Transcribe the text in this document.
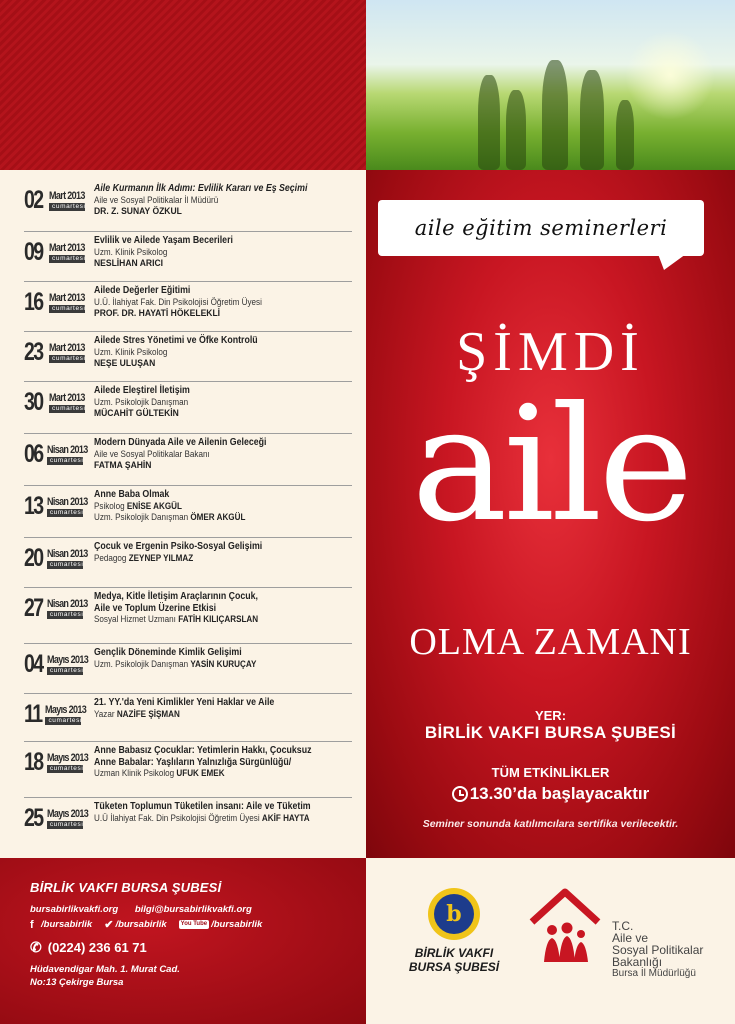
02 Mart 2013
cumartesi
Aile Kurmanın İlk Adımı: Evlilik Kararı ve Eş Seçimi
Aile ve Sosyal Politikalar İl Müdürü
DR. Z. SUNAY ÖZKUL
09 Mart 2013
cumartesi
Evlilik ve Ailede Yaşam Becerileri
Uzm. Klinik Psikolog
NESLİHAN ARICI
16 Mart 2013
cumartesi
Ailede Değerler Eğitimi
U.Ü. İlahiyat Fak. Din Psikolojisi Öğretim Üyesi
PROF. DR. HAYATİ HÖKELEKLİ
23 Mart 2013
cumartesi
Ailede Stres Yönetimi ve Öfke Kontrolü
Uzm. Klinik Psikolog
NEŞE ULUŞAN
30 Mart 2013
cumartesi
Ailede Eleştirel İletişim
Uzm. Psikolojik Danışman
MÜCAHİT GÜLTEKİN
06 Nisan 2013
cumartesi
Modern Dünyada Aile ve Ailenin Geleceği
Aile ve Sosyal Politikalar Bakanı
FATMA ŞAHİN
13 Nisan 2013
cumartesi
Anne Baba Olmak
Psikolog ENİSE AKGÜL
Uzm. Psikolojik Danışman ÖMER AKGÜL
20 Nisan 2013
cumartesi
Çocuk ve Ergenin Psiko-Sosyal Gelişimi
Pedagog ZEYNEP YILMAZ
27 Nisan 2013
cumartesi
Medya, Kitle İletişim Araçlarının Çocuk,
Aile ve Toplum Üzerine Etkisi
Sosyal Hizmet Uzmanı FATİH KILIÇARSLAN
04 Mayıs 2013
cumartesi
Gençlik Döneminde Kimlik Gelişimi
Uzm. Psikolojik Danışman YASİN KURUÇAY
11 Mayıs 2013
cumartesi
21. YY.'da Yeni Kimlikler Yeni Haklar ve Aile
Yazar NAZİFE ŞİŞMAN
18 Mayıs 2013
cumartesi
Anne Babasız Çocuklar: Yetimlerin Hakkı, Çocuksuz
Anne Babalar: Yaşlıların Yalnızlığa Sürgünlüğü/
Uzman Klinik Psikolog UFUK EMEK
25 Mayıs 2013
cumartesi
Tüketen Toplumun Tüketilen insanı: Aile ve Tüketim
U.Ü İlahiyat Fak. Din Psikolojisi Öğretim Üyesi AKİF HAYTA
aile eğitim seminerleri
ŞİMDİ
aile
OLMA ZAMANI
YER:
BİRLİK VAKFI BURSA ŞUBESİ
TÜM ETKİNLİKLER
13.30’da başlayacaktır
Seminer sonunda katılımcılara sertifika verilecektir.
BİRLİK VAKFI BURSA ŞUBESİ
bursabirlikvakfi.org bilgi@bursabirlikvakfi.org
f /bursabirlik ✔ /bursabirlik	You Tube /bursabirlik
✆ (0224) 236 61 71
Hüdavendigar Mah. 1. Murat Cad.
No:13 Çekirge Bursa
b
BİRLİK VAKFI
BURSA ŞUBESİ
T.C.
Aile ve
Sosyal Politikalar
Bakanlığı
Bursa İl Müdürlüğü
